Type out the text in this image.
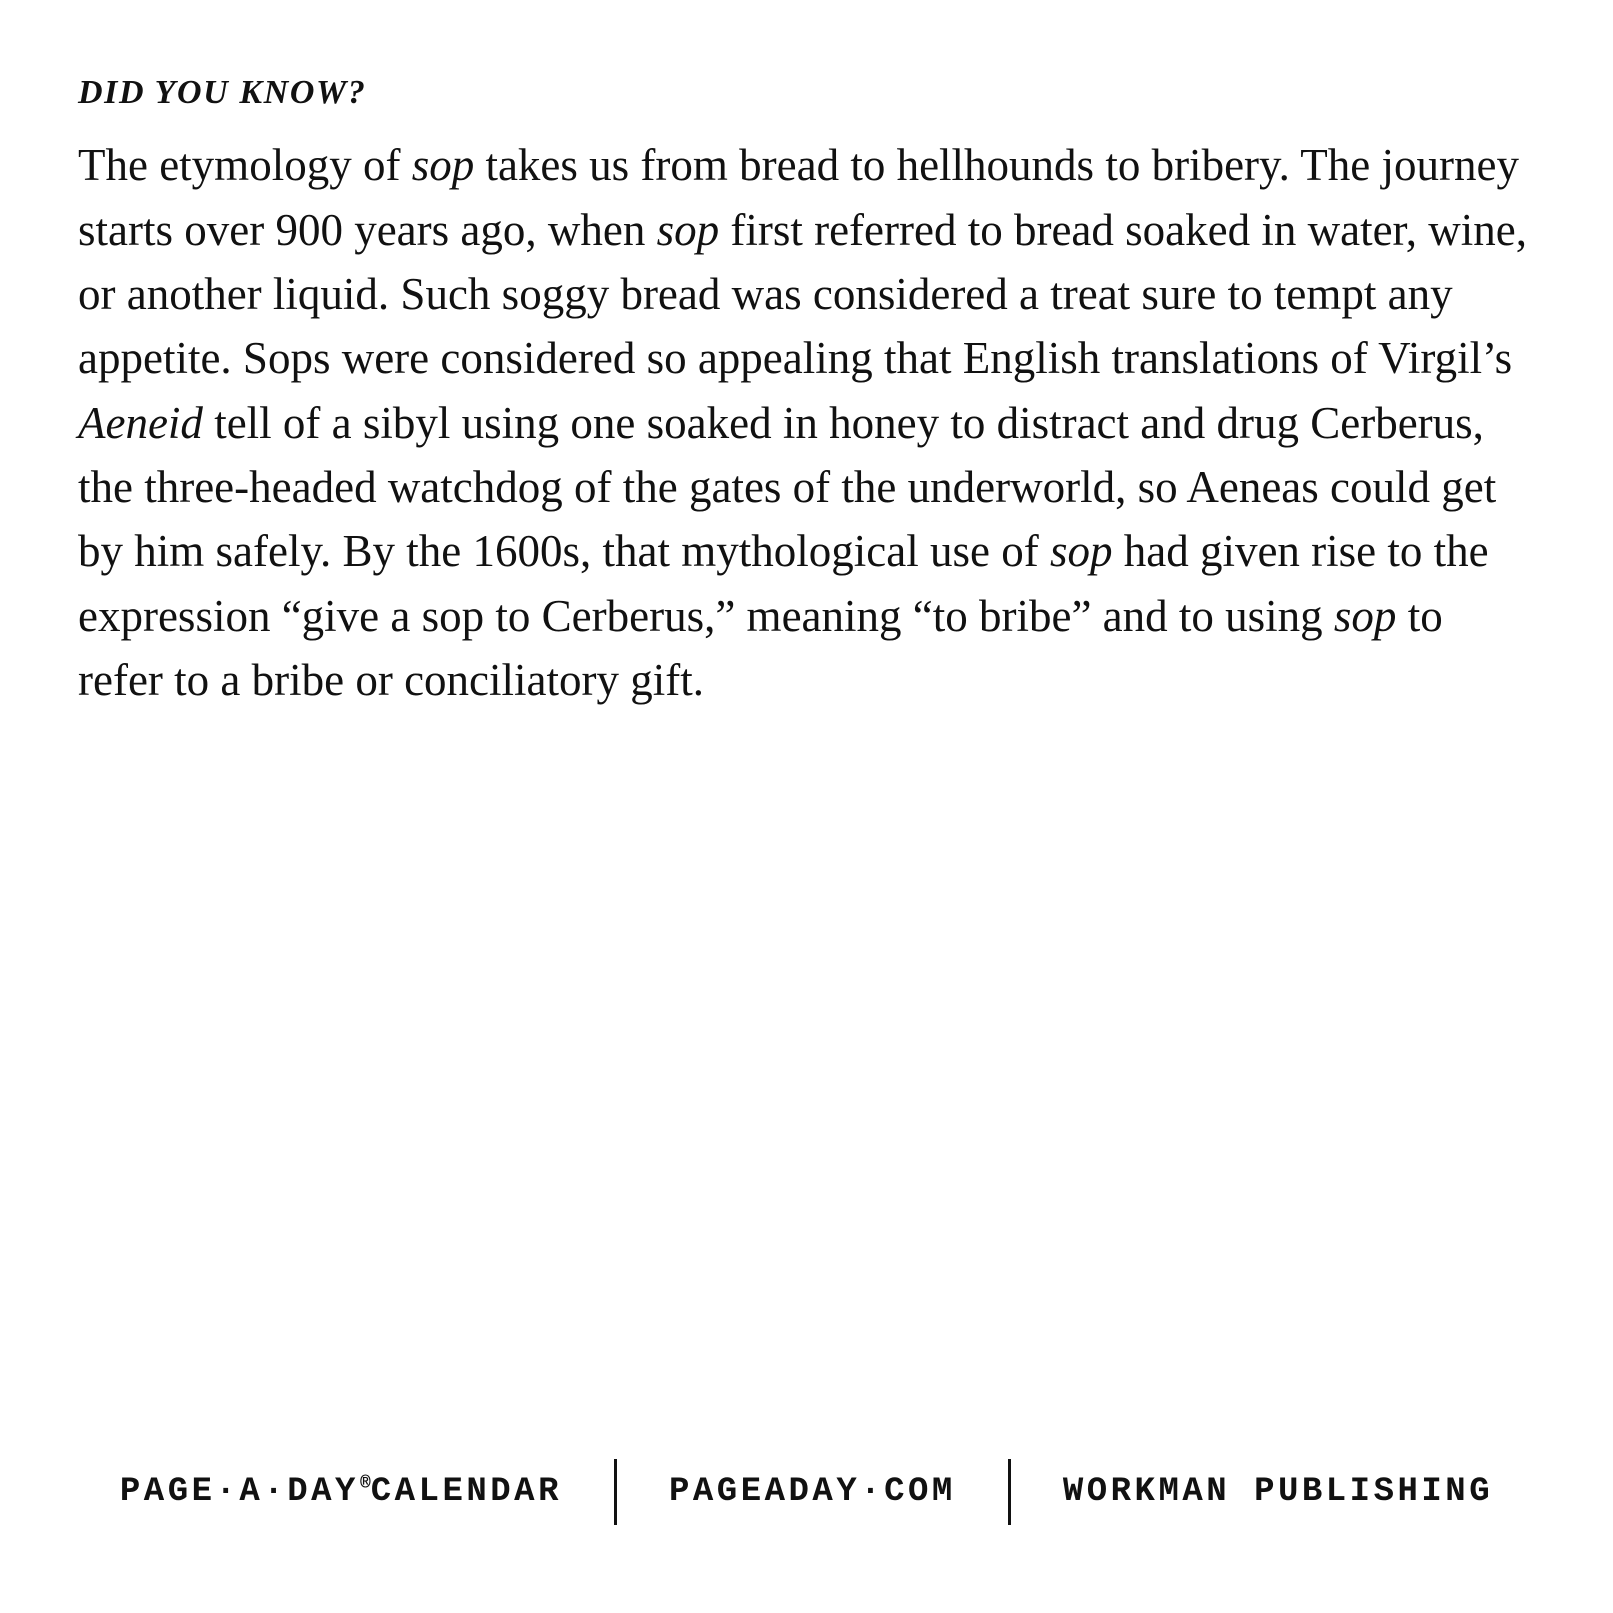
DID YOU KNOW?
The etymology of sop takes us from bread to hellhounds to bribery. The journey starts over 900 years ago, when sop first referred to bread soaked in water, wine, or another liquid. Such soggy bread was considered a treat sure to tempt any appetite. Sops were considered so appealing that English translations of Virgil’s Aeneid tell of a sibyl using one soaked in honey to distract and drug Cerberus, the three-headed watchdog of the gates of the underworld, so Aeneas could get by him safely. By the 1600s, that mythological use of sop had given rise to the expression “give a sop to Cerberus,” meaning “to bribe” and to using sop to refer to a bribe or conciliatory gift.
PAGE·A·DAY ® CALENDAR	PAGEADAY·COM	WORKMAN PUBLISHING
